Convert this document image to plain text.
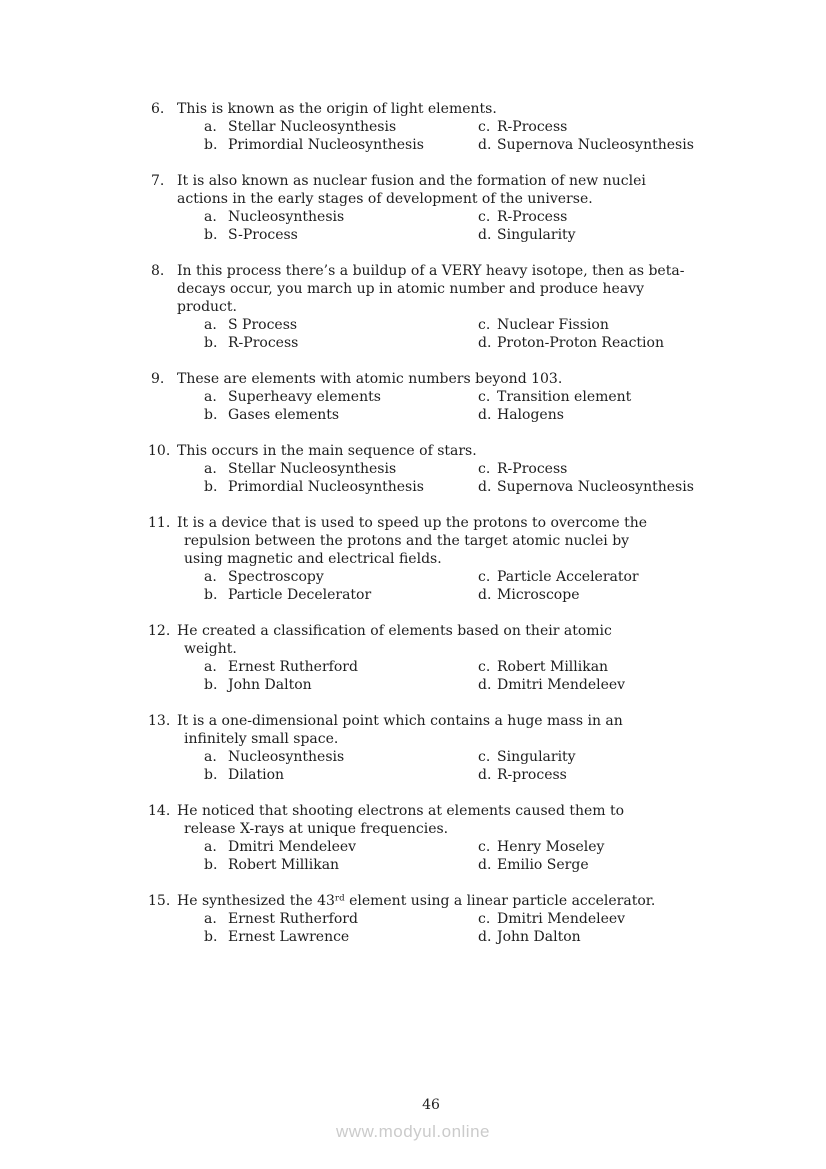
6. This is known as the origin of light elements.
a. Stellar Nucleosynthesis	c. R-Process
b. Primordial Nucleosynthesis	d. Supernova Nucleosynthesis
7. It is also known as nuclear fusion and the formation of new nuclei
actions in the early stages of development of the universe.
a. Nucleosynthesis	c. R-Process
b. S-Process	d. Singularity
8. In this process there’s a buildup of a VERY heavy isotope, then as beta-
decays occur, you march up in atomic number and produce heavy
product.
a. S Process	c. Nuclear Fission
b. R-Process	d. Proton-Proton Reaction
9. These are elements with atomic numbers beyond 103.
a. Superheavy elements	c. Transition element
b. Gases elements	d. Halogens
10. This occurs in the main sequence of stars.
a. Stellar Nucleosynthesis	c. R-Process
b. Primordial Nucleosynthesis	d. Supernova Nucleosynthesis
11. It is a device that is used to speed up the protons to overcome the
repulsion between the protons and the target atomic nuclei by
using magnetic and electrical fields.
a. Spectroscopy	c. Particle Accelerator
b. Particle Decelerator	d. Microscope
12. He created a classification of elements based on their atomic
weight.
a. Ernest Rutherford	c. Robert Millikan
b. John Dalton	d. Dmitri Mendeleev
13. It is a one-dimensional point which contains a huge mass in an
infinitely small space.
a. Nucleosynthesis	c. Singularity
b. Dilation	d. R-process
14. He noticed that shooting electrons at elements caused them to
release X-rays at unique frequencies.
a. Dmitri Mendeleev	c. Henry Moseley
b. Robert Millikan	d. Emilio Serge
15. He synthesized the 43rd element using a linear particle accelerator.
a. Ernest Rutherford	c. Dmitri Mendeleev
b. Ernest Lawrence	d. John Dalton
46
www.modyul.online
